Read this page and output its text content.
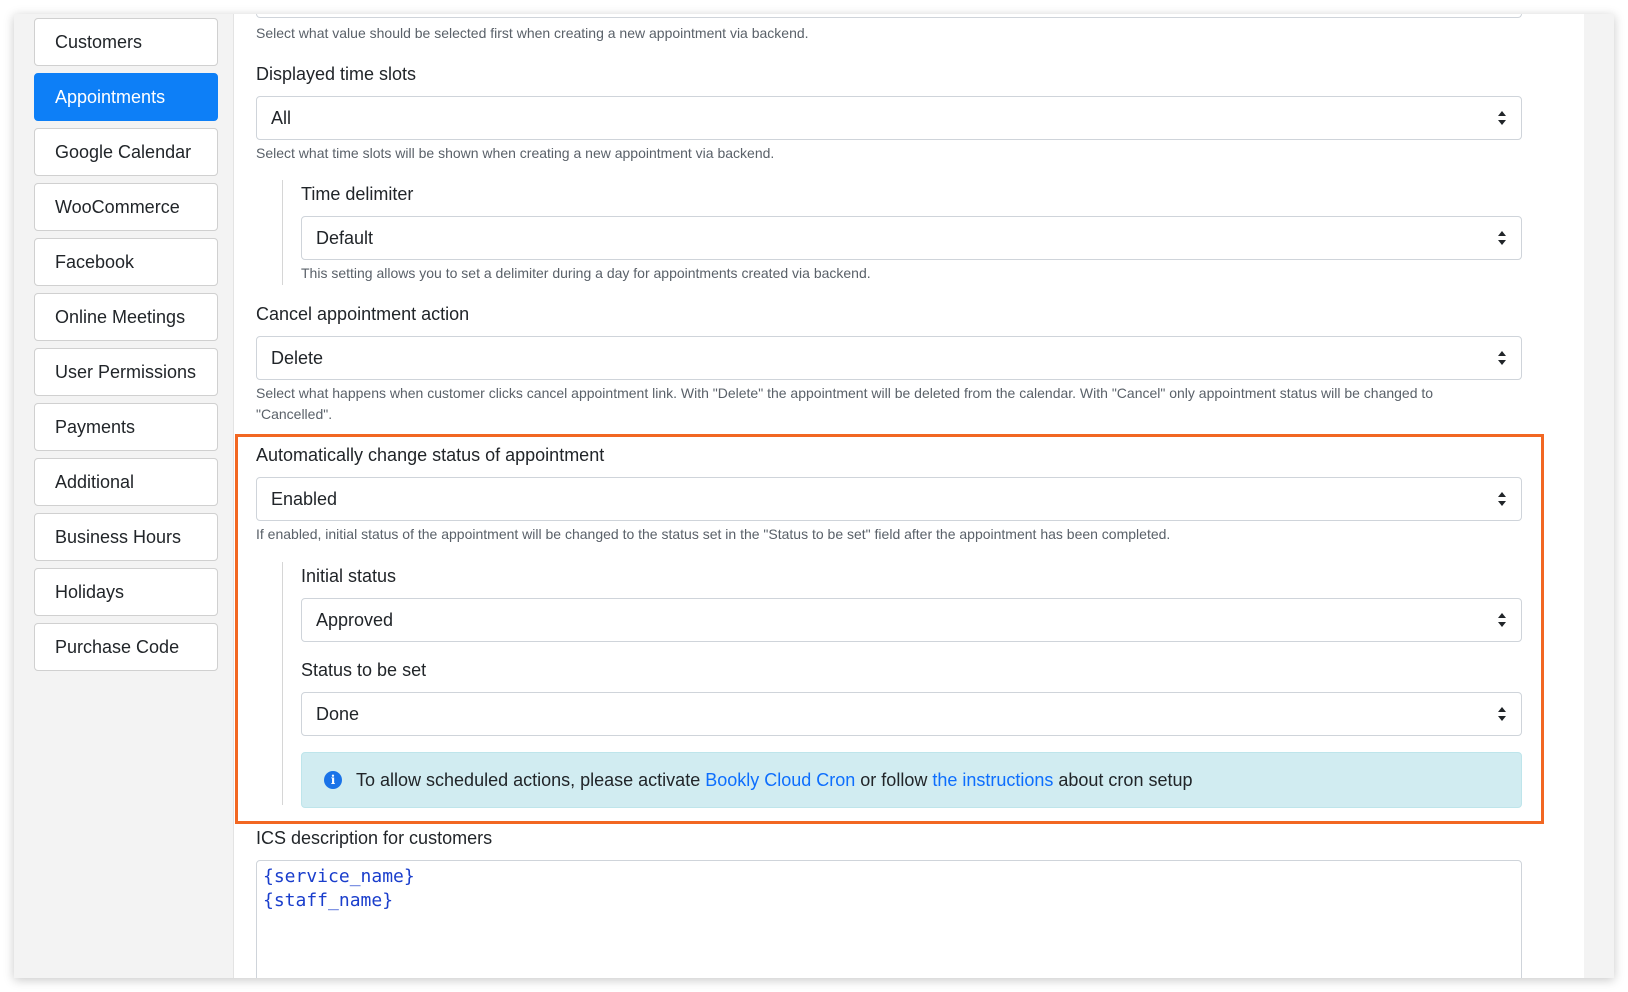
Customers
Appointments
Google Calendar
WooCommerce
Facebook
Online Meetings
User Permissions
Payments
Additional
Business Hours
Holidays
Purchase Code
Select what value should be selected first when creating a new appointment via backend.
Displayed time slots
All
Select what time slots will be shown when creating a new appointment via backend.
Time delimiter
Default
This setting allows you to set a delimiter during a day for appointments created via backend.
Cancel appointment action
Delete
Select what happens when customer clicks cancel appointment link. With "Delete" the appointment will be deleted from the calendar. With "Cancel" only appointment status will be changed to
"Cancelled".
Automatically change status of appointment
Enabled
If enabled, initial status of the appointment will be changed to the status set in the "Status to be set" field after the appointment has been completed.
Initial status
Approved
Status to be set
Done
i	To allow scheduled actions, please activate Bookly Cloud Cron or follow the instructions about cron setup
ICS description for customers
{service_name}
{staff_name}
